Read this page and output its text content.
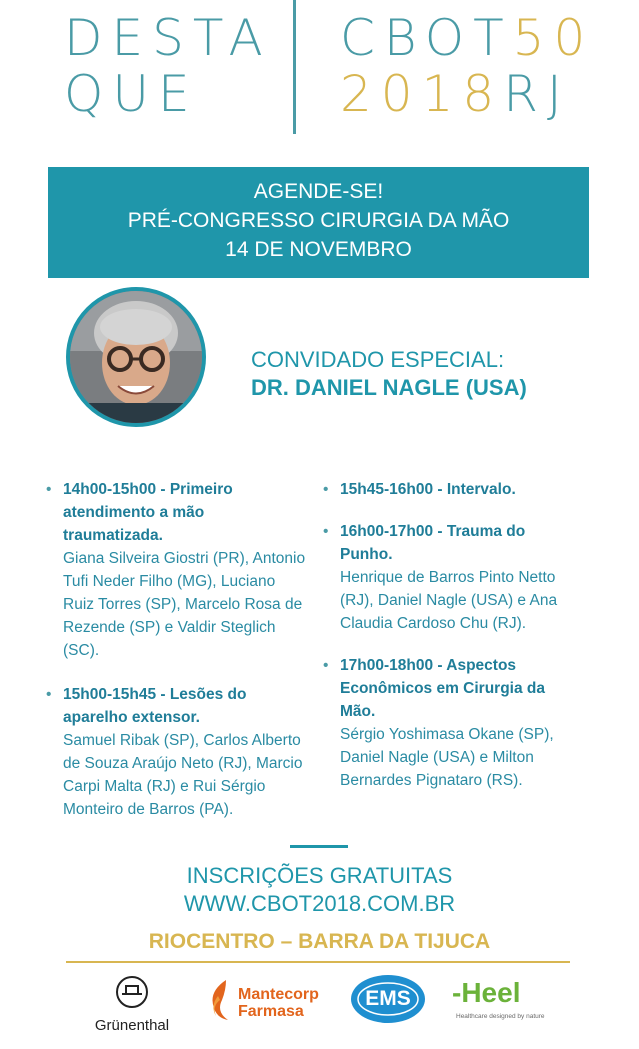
DESTA
QUE
CBOT50
2018RJ
AGENDE-SE!
PRÉ-CONGRESSO CIRURGIA DA MÃO
14 DE NOVEMBRO
CONVIDADO ESPECIAL:
DR. DANIEL NAGLE (USA)
• 14h00-15h00 - Primeiro atendimento a mão traumatizada.
Giana Silveira Giostri (PR), Antonio Tufi Neder Filho (MG), Luciano Ruiz Torres (SP), Marcelo Rosa de Rezende (SP) e Valdir Steglich (SC).
• 15h00-15h45 - Lesões do aparelho extensor.
Samuel Ribak (SP), Carlos Alberto de Souza Araújo Neto (RJ), Marcio Carpi Malta (RJ) e Rui Sérgio Monteiro de Barros (PA).
• 15h45-16h00 - Intervalo.
• 16h00-17h00 - Trauma do Punho.
Henrique de Barros Pinto Netto (RJ), Daniel Nagle (USA) e Ana Claudia Cardoso Chu (RJ).
• 17h00-18h00 - Aspectos Econômicos em Cirurgia da Mão.
Sérgio Yoshimasa Okane (SP), Daniel Nagle (USA) e Milton Bernardes Pignataro (RS).
INSCRIÇÕES GRATUITAS
WWW.CBOT2018.COM.BR
RIOCENTRO – BARRA DA TIJUCA
Grünenthal
Mantecorp
Farmasa
EMS	-Heel
Healthcare designed by nature
